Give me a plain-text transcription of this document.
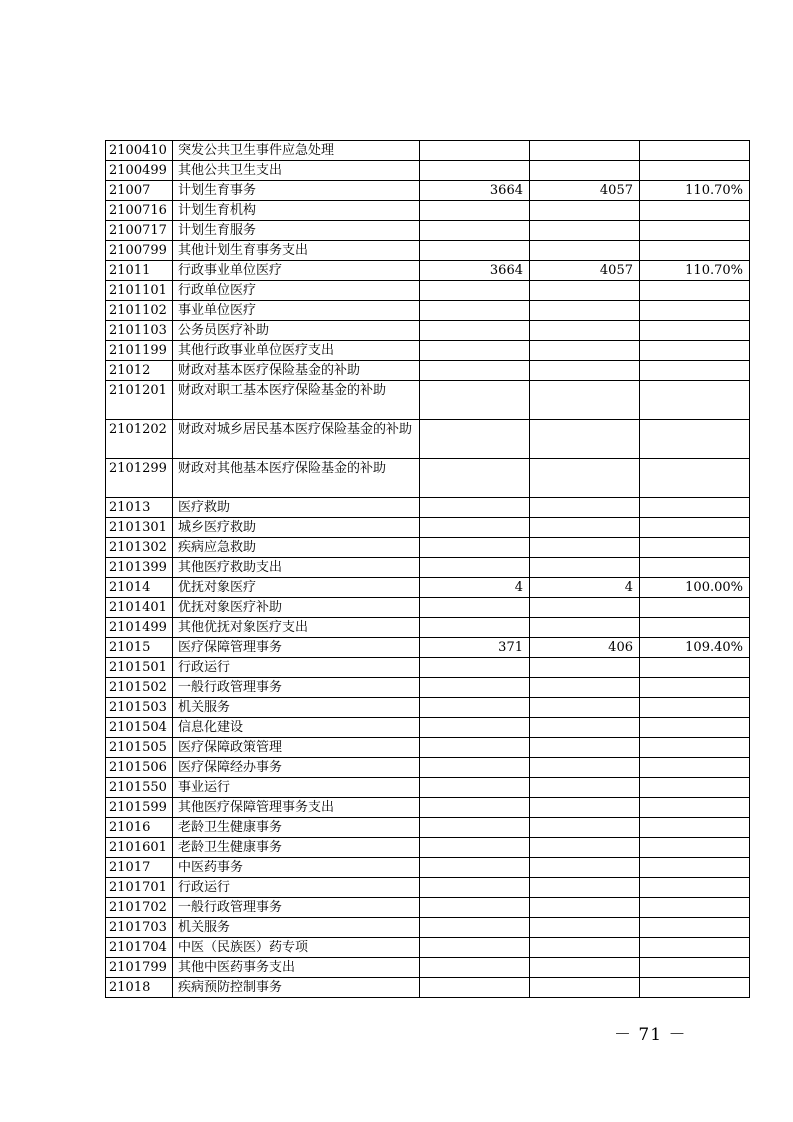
2100410	突发公共卫生事件应急处理			
2100499	其他公共卫生支出			
21007	计划生育事务	3664	4057	110.70%
2100716	计划生育机构			
2100717	计划生育服务			
2100799	其他计划生育事务支出			
21011	行政事业单位医疗	3664	4057	110.70%
2101101	行政单位医疗			
2101102	事业单位医疗			
2101103	公务员医疗补助			
2101199	其他行政事业单位医疗支出			
21012	财政对基本医疗保险基金的补助			
2101201	财政对职工基本医疗保险基金的补助			
2101202	财政对城乡居民基本医疗保险基金的补助			
2101299	财政对其他基本医疗保险基金的补助			
21013	医疗救助			
2101301	城乡医疗救助			
2101302	疾病应急救助			
2101399	其他医疗救助支出			
21014	优抚对象医疗	4	4	100.00%
2101401	优抚对象医疗补助			
2101499	其他优抚对象医疗支出			
21015	医疗保障管理事务	371	406	109.40%
2101501	行政运行			
2101502	一般行政管理事务			
2101503	机关服务			
2101504	信息化建设			
2101505	医疗保障政策管理			
2101506	医疗保障经办事务			
2101550	事业运行			
2101599	其他医疗保障管理事务支出			
21016	老龄卫生健康事务			
2101601	老龄卫生健康事务			
21017	中医药事务			
2101701	行政运行			
2101702	一般行政管理事务			
2101703	机关服务			
2101704	中医（民族医）药专项			
2101799	其他中医药事务支出			
21018	疾病预防控制事务			
－ 71 －
